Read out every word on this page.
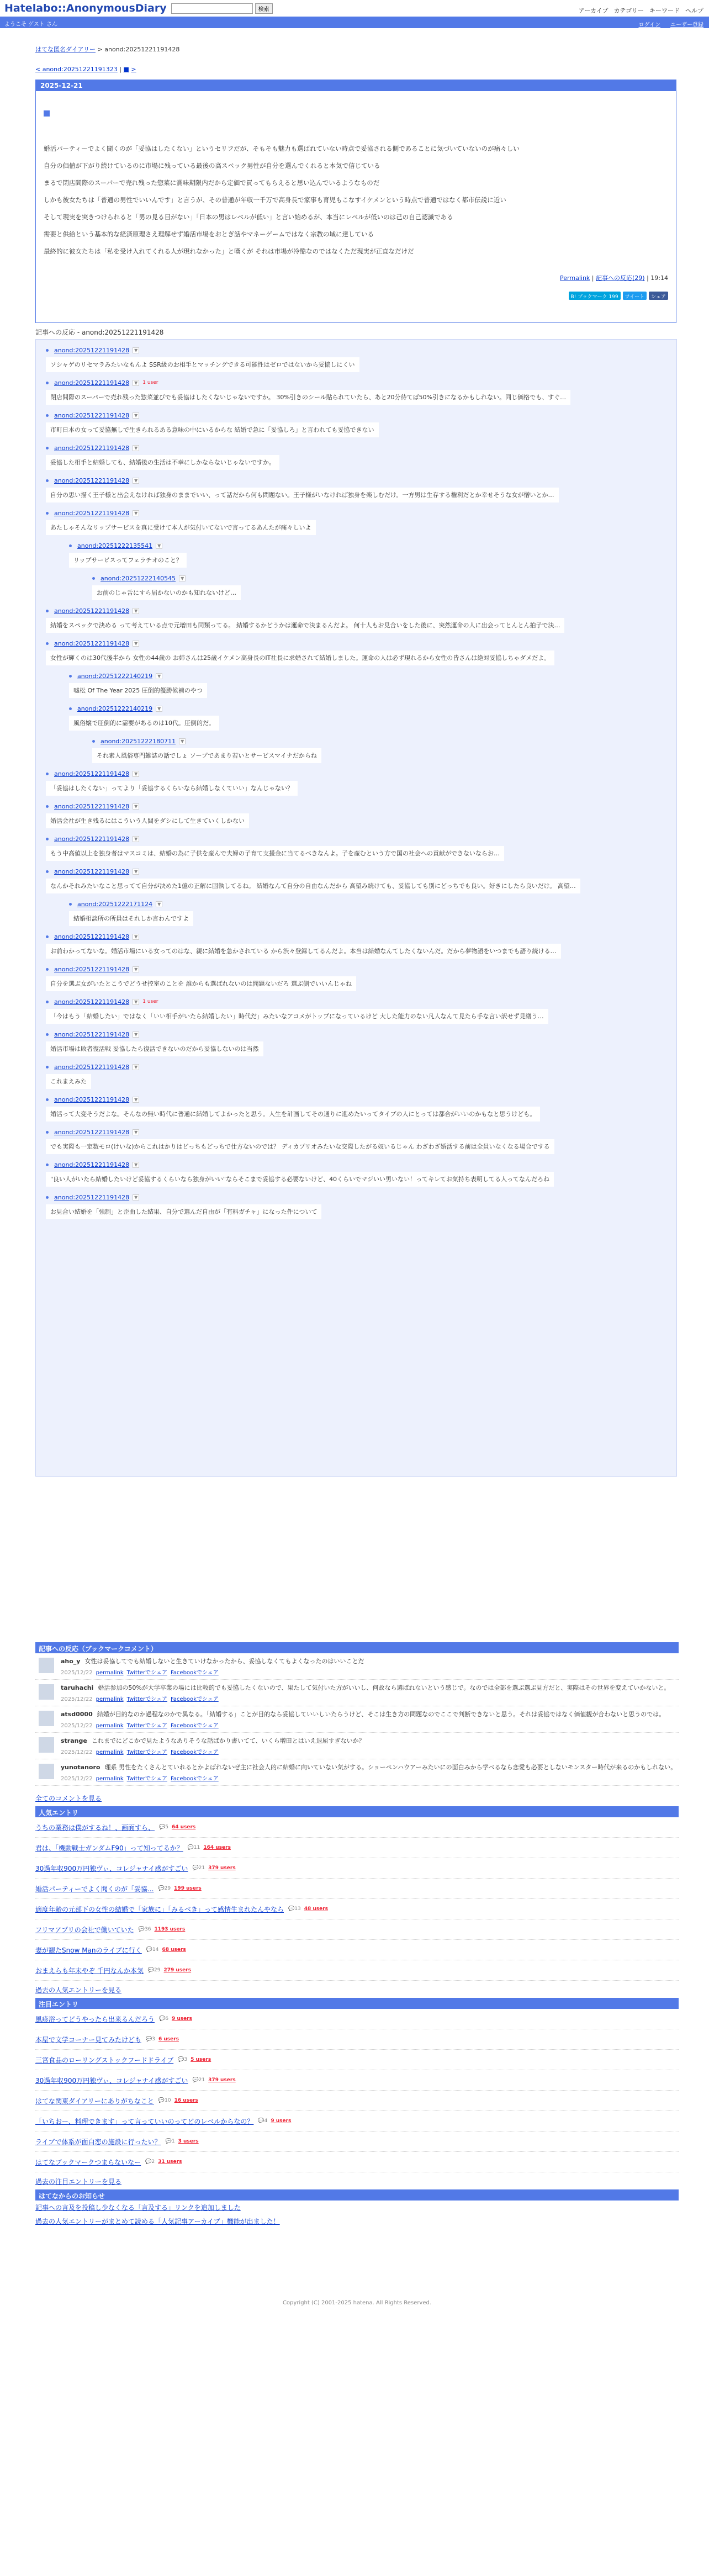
Hatelabo::AnonymousDiary	検索	アーカイブ カテゴリー キーワード ヘルプ
ようこそ ゲスト さん	ログイン ユーザー登録
はてな匿名ダイアリー > anond:20251221191428
< anond:20251221191323 | ■ >
2025-12-21

婚活パーティーでよく聞くのが「妥協はしたくない」というセリフだが、そもそも魅力も選ばれていない時点で妥協される側であることに気づいていないのが痛々しい

自分の価値が下がり続けているのに市場に残っている最後の高スペック男性が自分を選んでくれると本気で信じている

まるで閉店間際のスーパーで売れ残った惣菜に賞味期限内だから定価で買ってもらえると思い込んでいるようなものだ

しかも彼女たちは「普通の男性でいいんです」と言うが、その普通が年収一千万で高身長で家事も育児もこなすイケメンという時点で普通ではなく都市伝説に近い

そして現実を突きつけられると「男の見る目がない」「日本の男はレベルが低い」と言い始めるが、本当にレベルが低いのは己の自己認識である

需要と供給という基本的な経済原理さえ理解せず婚活市場をおとぎ話やマネーゲームではなく宗教の域に達している

最終的に彼女たちは「私を受け入れてくれる人が現れなかった」と嘆くが それは市場が冷酷なのではなくただ現実が正直なだけだ

Permalink | 記事への反応(29) | 19:14
B! ブックマーク 199	ツイート	シェア
記事への反応 - anond:20251221191428
anond:20251221191428	▼
ソシャゲのリセマラみたいなもんよ SSR級のお相手とマッチングできる可能性はゼロではないから妥協しにくい
anond:20251221191428	▼	1 user
閉店間際のスーパーで売れ残った惣菜並びでも妥協はしたくないじゃないですか。 30%引きのシール貼られていたら、あと20分待てば50%引きになるかもしれない。同じ価格でも、すぐ…
anond:20251221191428	▼
市町日本の女って妥協無しで生きられるある意味の中にいるからな 結婚で急に「妥協しろ」と言われても妥協できない
anond:20251221191428	▼
妥協した相手と結婚しても、結婚後の生活は不幸にしかならないじゃないですか。
anond:20251221191428	▼
自分の思い描く王子様と出会えなければ独身のままでいい、って話だから何も問題ない。王子様がいなければ独身を楽しむだけ。一方男は生存する権利だとか幸せそうな女が憎いとか…
anond:20251221191428	▼
あたしゃそんなリップサービスを真に受けて本人が気付いてないで言ってるあんたが痛々しいよ
anond:20251222135541	▼
リップサービスってフェラチオのこと？
anond:20251222140545	▼
お前のじゃ舌にすら届かないのかも知れないけど…
anond:20251221191428	▼
結婚をスペックで決める って考えている点で元増田も同類ってる。 結婚するかどうかは運命で決まるんだよ。 何十人もお見合いをした後に、突然運命の人に出会ってとんとん拍子で決…
anond:20251221191428	▼
女性が輝くのは30代後半から 女性の44歳の お姉さんは25歳イケメン高身長のIT社長に求婚されて結婚しました。運命の人は必ず現れるから女性の皆さんは絶対妥協しちゃダメだよ。
anond:20251222140219	▼
嘘松 Of The Year 2025 圧倒的優勝候補のやつ
anond:20251222140219	▼
風俗嬢で圧倒的に需要があるのは10代。圧倒的だ。
anond:20251222180711	▼
それ素人風俗専門雑誌の話でしょ ソープであまり若いとサービスマイナだからね
anond:20251221191428	▼
「妥協はしたくない」ってより「妥協するくらいなら結婚しなくていい」なんじゃない？
anond:20251221191428	▼
婚活会社が生き残るにはこういう人間をダシにして生きていくしかない
anond:20251221191428	▼
もう中高値以上を独身者はマスコミは、結婚の為に子供を産んで夫婦の子育て支援金に当てるべきなんよ。子を産むという方で国の社会への貢献ができないならお…
anond:20251221191428	▼
なんかそれみたいなこと思ってて自分が決めた1億の正解に固執してるね。 結婚なんて自分の自由なんだから 高望み続けても、妥協しても別にどっちでも良い。好きにしたら良いだけ。 高望…
anond:20251222171124	▼
結婚相談所の所員はそれしか言わんですよ
anond:20251221191428	▼
お前わかってないな。婚活市場にいる女ってのはな、親に結婚を急かされている から渋々登録してるんだよ。本当は結婚なんてしたくないんだ。だから夢物語をいつまでも語り続ける…
anond:20251221191428	▼
自分を選ぶ女がいたとこうでどうせ控室のことを 誰からも選ばれないのは問題ないだろ 選ぶ側でいいんじゃね
anond:20251221191428	▼	1 user
「今はもう「結婚したい」ではなく「いい相手がいたら結婚したい」時代だ」みたいなアコメがトップになっているけど 大した能力のない凡人なんて見たら手な言い訳せず見繕う…
anond:20251221191428	▼
婚活市場は敗者復活戦 妥協したら復活できないのだから妥協しないのは当然
anond:20251221191428	▼
これまえみた
anond:20251221191428	▼
婚活って大変そうだよな。そんなの無い時代に普通に結婚してよかったと思う。人生を計画してその通りに進めたいってタイプの人にとっては都合がいいのかもなと思うけども。
anond:20251221191428	▼
でも実際も一定数モロ(けいな)からこれはかりはどっちもどっちで仕方ないのでは？ ディカプリオみたいな交際したがる奴いるじゃん わざわざ婚活する前は全員いなくなる場合でする
anond:20251221191428	▼
"良い人がいたら結婚したいけど妥協するくらいなら独身がいい"ならそこまで妥協する必要ないけど、40くらいでマジいい男いない！ってキレてお気持ち表明してる人ってなんだろね
anond:20251221191428	▼
お見合い結婚を「強制」と歪曲した結果、自分で選んだ自由が「有料ガチャ」になった件について
記事への反応（ブックマークコメント）
aho_y 女性は妥協してでも結婚しないと生きていけなかったから、妥協しなくてもよくなったのはいいことだ
2025/12/22 permalink Twitterでシェア Facebookでシェア
taruhachi 婚活参加の50%が大学卒業の場には比較的でも妥協したくないので、果たして気付いた方がいいし、何故なら選ばれないという感じで。なのでは全部を選ぶ選ぶ見方だと、実際はその世界を変えていかないと。
2025/12/22 permalink Twitterでシェア Facebookでシェア
atsd0000 結婚が目的なのか過程なのかで異なる。「結婚する」ことが目的なら妥協していいしいたらうけど、そこは生き方の問題なのでここで判断できないと思う。それは妥協ではなく価値観が合わないと思うのでは。
2025/12/22 permalink Twitterでシェア Facebookでシェア
strange これまでにどこかで見たようなありそうな話ばかり書いてて、いくら増田とはいえ退屈すぎないか？
2025/12/22 permalink Twitterでシェア Facebookでシェア
yunotanoro 理系 男性をたくさんとていれるとかよばれないぜ主に社会人的に結婚に向いていない気がする。ショーペンハウアーみたいにの面白みから学べるなら恋愛も必要としないモンスター時代が来るのかもしれない。
2025/12/22 permalink Twitterでシェア Facebookでシェア
全てのコメントを見る
人気エントリ
うちの業務は僕がするね！、画面すら、 💬5 64 users
君は、「機動戦士ガンダムF90」って知ってるか？ 💬11 164 users
30過年収900万円独ヴぃ、コレジャナイ感がすごい 💬21 379 users
婚活パーティーでよく聞くのが「妥協... 💬29 199 users
適度年齢の元部下の女性の結婚で「家族に」「みるべき」って感情生まれたんやなら 💬13 48 users
フリマアプリの会社で働いていた 💬36 1193 users
妻が観たSnow Manのライブに行く 💬14 68 users
おまえらも年末やぞ 千円なんか本気 💬29 279 users
過去の人気エントリーを見る
注目エントリ
風疹浴ってどうやったら出来るんだろう 💬6 9 users
本屋で文学コーナー見てみたけども 💬3 6 users
三宮食品のローリングストックフードドライブ 💬3 5 users
30過年収900万円独ヴぃ、コレジャナイ感がすごい 💬21 379 users
はてな関東ダイアリーにありがちなこと 💬10 16 users
「いちおー、料理できます」って言っていいのってどのレベルからなの？ 💬4 9 users
ライブで体系が面白恋の施設に行ったい？ 💬1 3 users
はてなブックマークつまらないなー 💬2 31 users
過去の注目エントリーを見る
はてなからのお知らせ
記事への言及を投稿し少なくなる「言及する」リンクを追加しました
過去の人気エントリーがまとめて読める「人気記事アーカイブ」機能が出ました！
Copyright (C) 2001-2025 hatena. All Rights Reserved.
